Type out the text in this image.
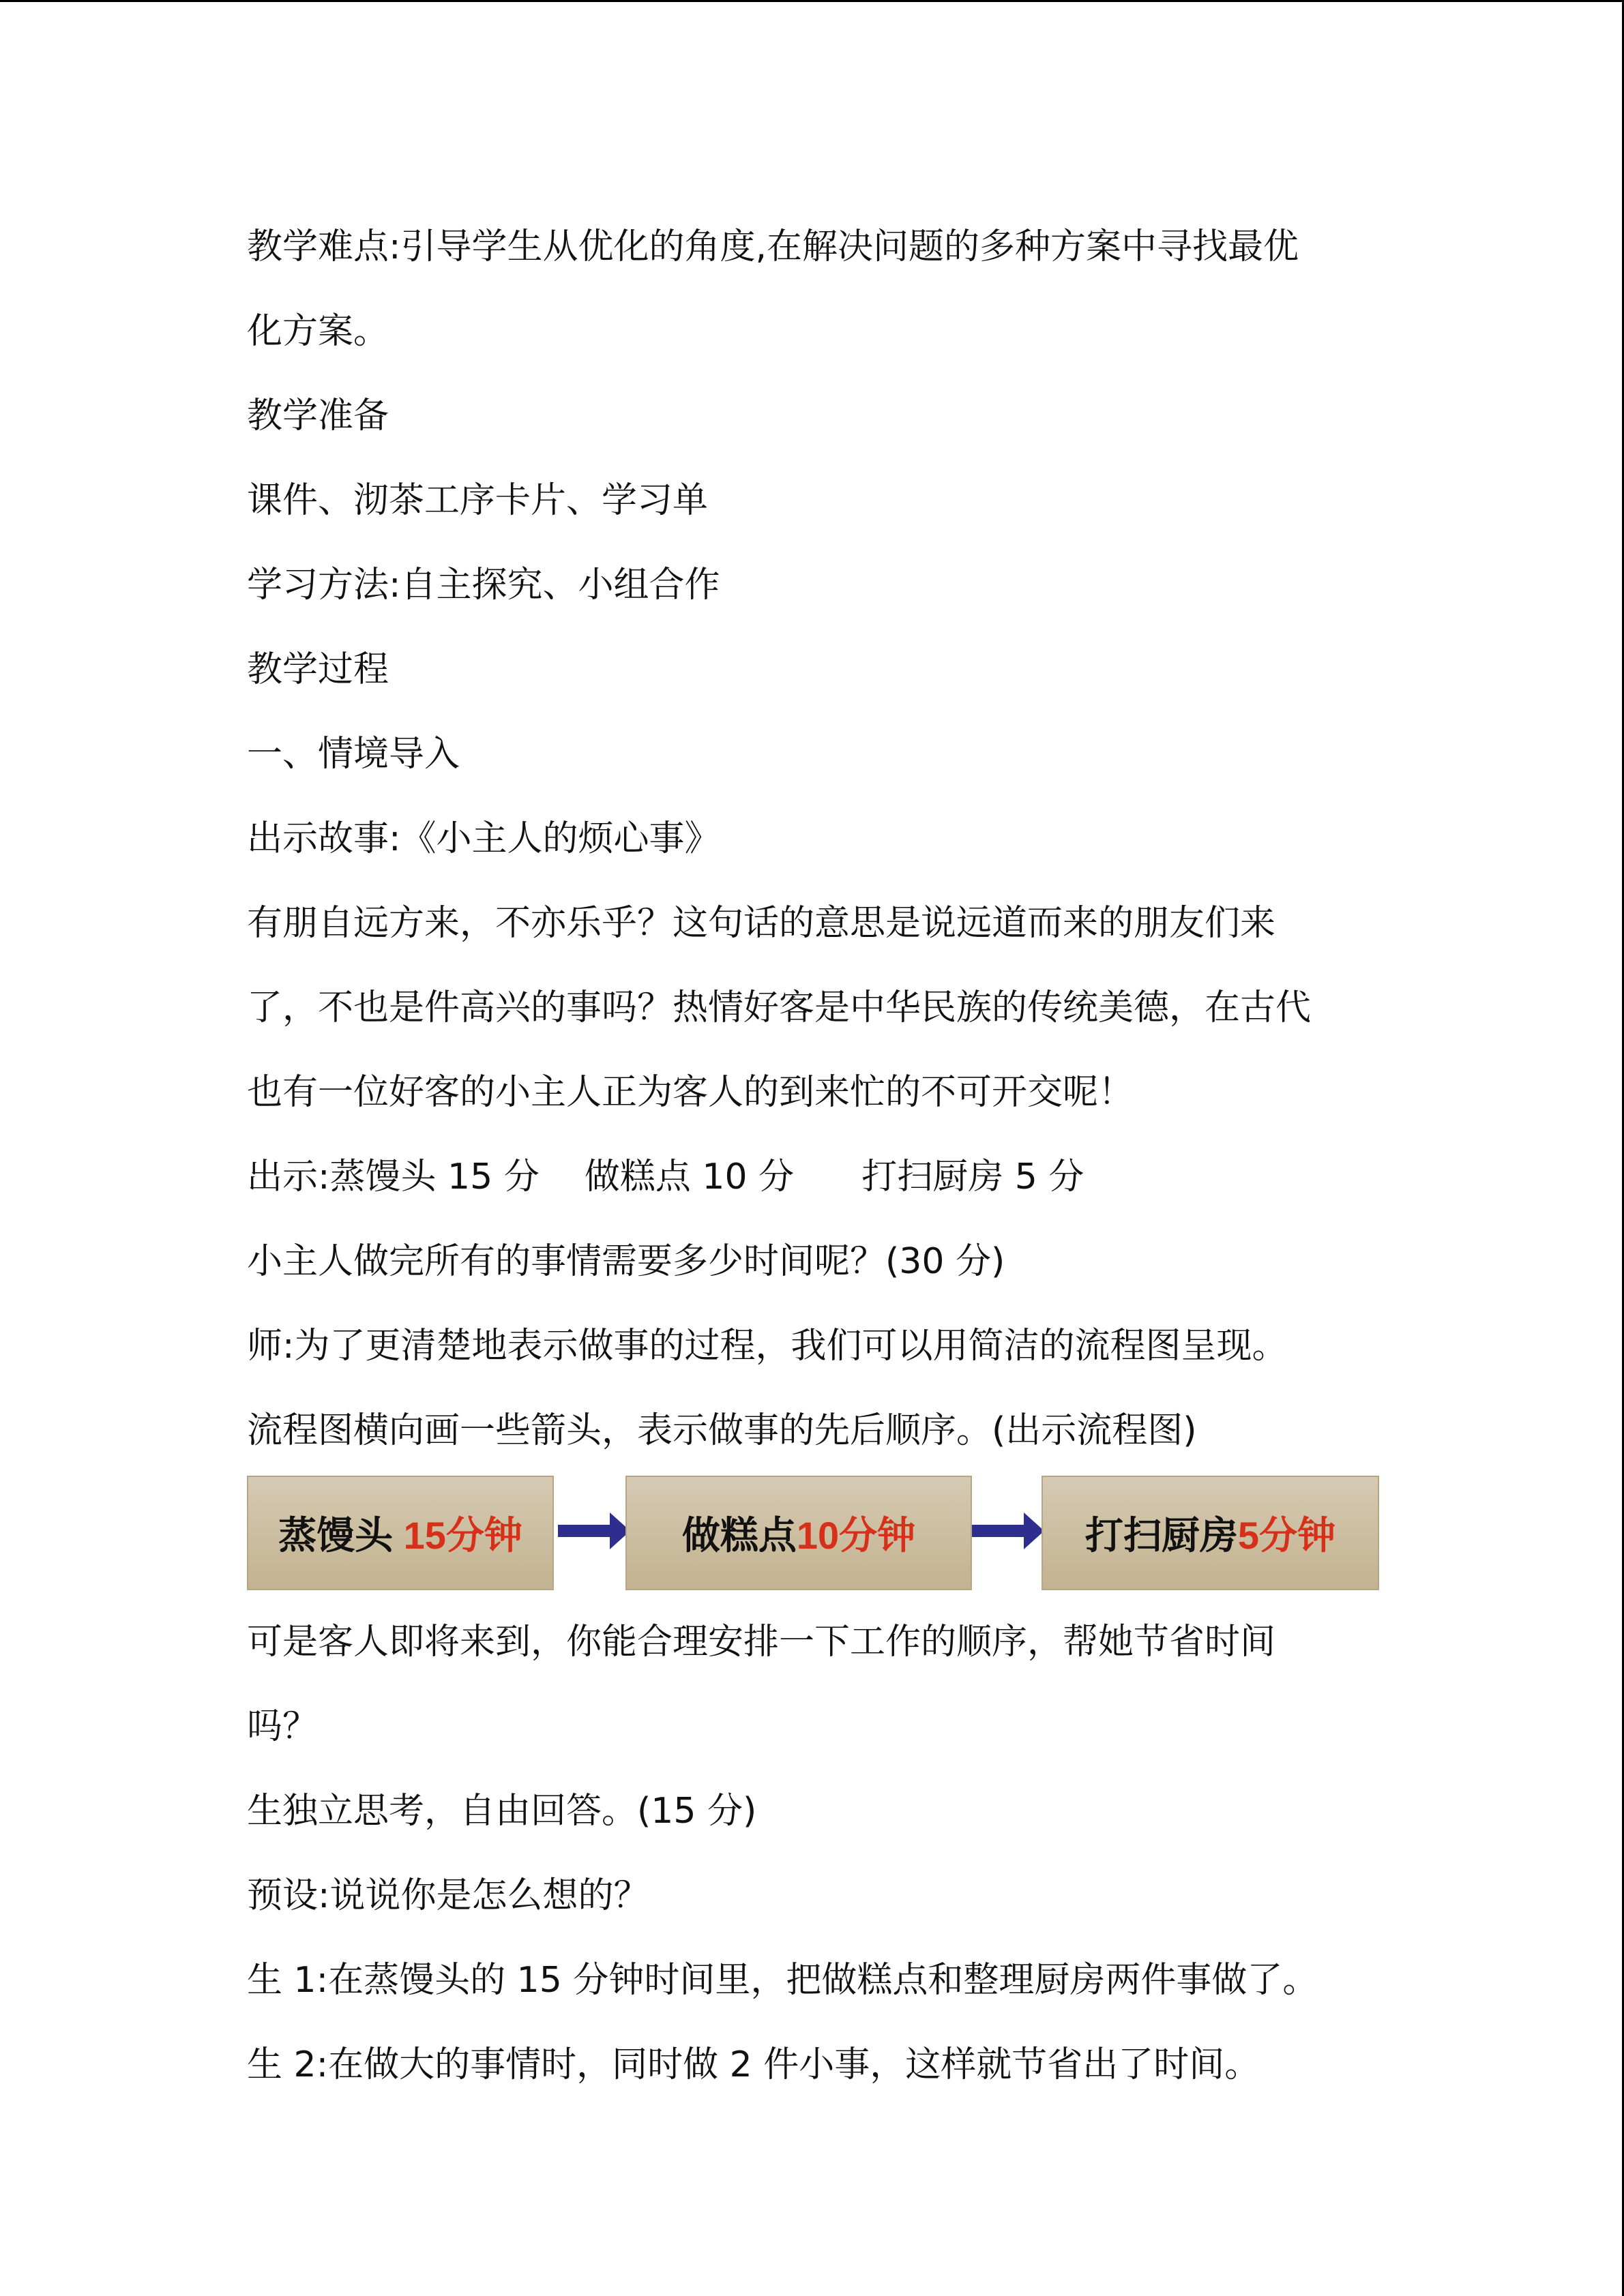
教学难点:引导学生从优化的角度,在解决问题的多种方案中寻找最优

化方案。

教学准备

课件、沏茶工序卡片、学习单

学习方法:自主探究、小组合作

教学过程

一、情境导入

出示故事:《小主人的烦心事》

有朋自远方来，不亦乐乎？这句话的意思是说远道而来的朋友们来

了，不也是件高兴的事吗？热情好客是中华民族的传统美德，在古代

也有一位好客的小主人正为客人的到来忙的不可开交呢！

出示:蒸馒头 15 分    做糕点 10 分      打扫厨房 5 分

小主人做完所有的事情需要多少时间呢？(30 分)

师:为了更清楚地表示做事的过程，我们可以用简洁的流程图呈现。

流程图横向画一些箭头，表示做事的先后顺序。(出示流程图)

蒸馒头 15分钟	做糕点 10分钟	打扫厨房 5分钟

可是客人即将来到，你能合理安排一下工作的顺序，帮她节省时间

吗？

生独立思考，自由回答。(15 分)

预设:说说你是怎么想的？

生 1:在蒸馒头的 15 分钟时间里，把做糕点和整理厨房两件事做了。

生 2:在做大的事情时，同时做 2 件小事，这样就节省出了时间。
